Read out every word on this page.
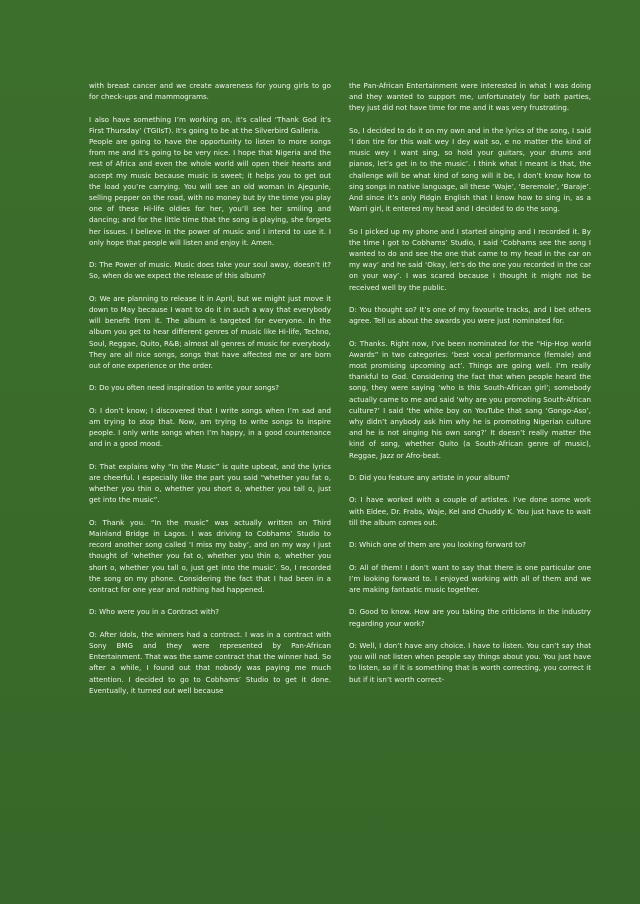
with breast cancer and we create awareness for young girls to go for check-ups and mammograms.

I also have something I’m working on, it’s called ‘Thank God it’s First Thursday’ (TGIIsT). It’s going to be at the Silverbird Galleria.

People are going to have the opportunity to listen to more songs from me and it’s going to be very nice. I hope that Nigeria and the rest of Africa and even the whole world will open their hearts and accept my music because music is sweet; it helps you to get out the load you’re carrying. You will see an old woman in Ajegunle, selling pepper on the road, with no money but by the time you play one of these Hi-life oldies for her, you’ll see her smiling and dancing; and for the little time that the song is playing, she forgets her issues. I believe in the power of music and I intend to use it. I only hope that people will listen and enjoy it. Amen.

D: The Power of music. Music does take your soul away, doesn’t it? So, when do we expect the release of this album?

O: We are planning to release it in April, but we might just move it down to May because I want to do it in such a way that everybody will benefit from it. The album is targeted for everyone. In the album you get to hear different genres of music like Hi-life, Techno, Soul, Reggae, Quito, R&B; almost all genres of music for everybody. They are all nice songs, songs that have affected me or are born out of one experience or the order.

D: Do you often need inspiration to write your songs?

O: I don’t know; I discovered that I write songs when I’m sad and am trying to stop that. Now, am trying to write songs to inspire people. I only write songs when I’m happy, in a good countenance and in a good mood.

D: That explains why “In the Music” is quite upbeat, and the lyrics are cheerful. I especially like the part you said “whether you fat o, whether you thin o, whether you short o, whether you tall o, just get into the music”.

O: Thank you. “In the music” was actually written on Third Mainland Bridge in Lagos. I was driving to Cobhams’ Studio to record another song called ‘I miss my baby’, and on my way I just thought of ‘whether you fat o, whether you thin o, whether you short o, whether you tall o, just get into the music’. So, I recorded the song on my phone. Considering the fact that I had been in a contract for one year and nothing had happened.

D: Who were you in a Contract with?

O: After Idols, the winners had a contract. I was in a contract with Sony BMG and they were represented by Pan-African Entertainment. That was the same contract that the winner had. So after a while, I found out that nobody was paying me much attention. I decided to go to Cobhams’ Studio to get it done. Eventually, it turned out well because

the Pan-African Entertainment were interested in what I was doing and they wanted to support me, unfortunately for both parties, they just did not have time for me and it was very frustrating.

So, I decided to do it on my own and in the lyrics of the song, I said ‘I don tire for this wait wey I dey wait so, e no matter the kind of music wey I want sing, so hold your guitars, your drums and pianos, let’s get in to the music’. I think what I meant is that, the challenge will be what kind of song will it be, I don’t know how to sing songs in native language, all these ‘Waje’, ‘Beremole’, ‘Baraje’. And since it’s only Pidgin English that I know how to sing in, as a Warri girl, it entered my head and I decided to do the song.

So I picked up my phone and I started singing and I recorded it. By the time I got to Cobhams’ Studio, I said ‘Cobhams see the song I wanted to do and see the one that came to my head in the car on my way’ and he said ‘Okay, let’s do the one you recorded in the car on your way’. I was scared because I thought it might not be received well by the public.

D: You thought so? It’s one of my favourite tracks, and I bet others agree. Tell us about the awards you were just nominated for.

O: Thanks. Right now, I’ve been nominated for the “Hip-Hop world Awards” in two categories: ‘best vocal performance (female) and most promising upcoming act’. Things are going well. I’m really thankful to God. Considering the fact that when people heard the song, they were saying ‘who is this South-African girl’; somebody actually came to me and said ‘why are you promoting South-African culture?’ I said ‘the white boy on YouTube that sang ‘Gongo-Aso’, why didn’t anybody ask him why he is promoting Nigerian culture and he is not singing his own song?’ It doesn’t really matter the kind of song, whether Quito (a South-African genre of music), Reggae, Jazz or Afro-beat.

D: Did you feature any artiste in your album?

O: I have worked with a couple of artistes. I’ve done some work with Eldee, Dr. Frabs, Waje, Kel and Chuddy K. You just have to wait till the album comes out.

D: Which one of them are you looking forward to?

O: All of them! I don’t want to say that there is one particular one I’m looking forward to. I enjoyed working with all of them and we are making fantastic music together.

D: Good to know. How are you taking the criticisms in the industry regarding your work?

O: Well, I don’t have any choice. I have to listen. You can’t say that you will not listen when people say things about you. You just have to listen, so if it is something that is worth correcting, you correct it but if it isn’t worth correct-
